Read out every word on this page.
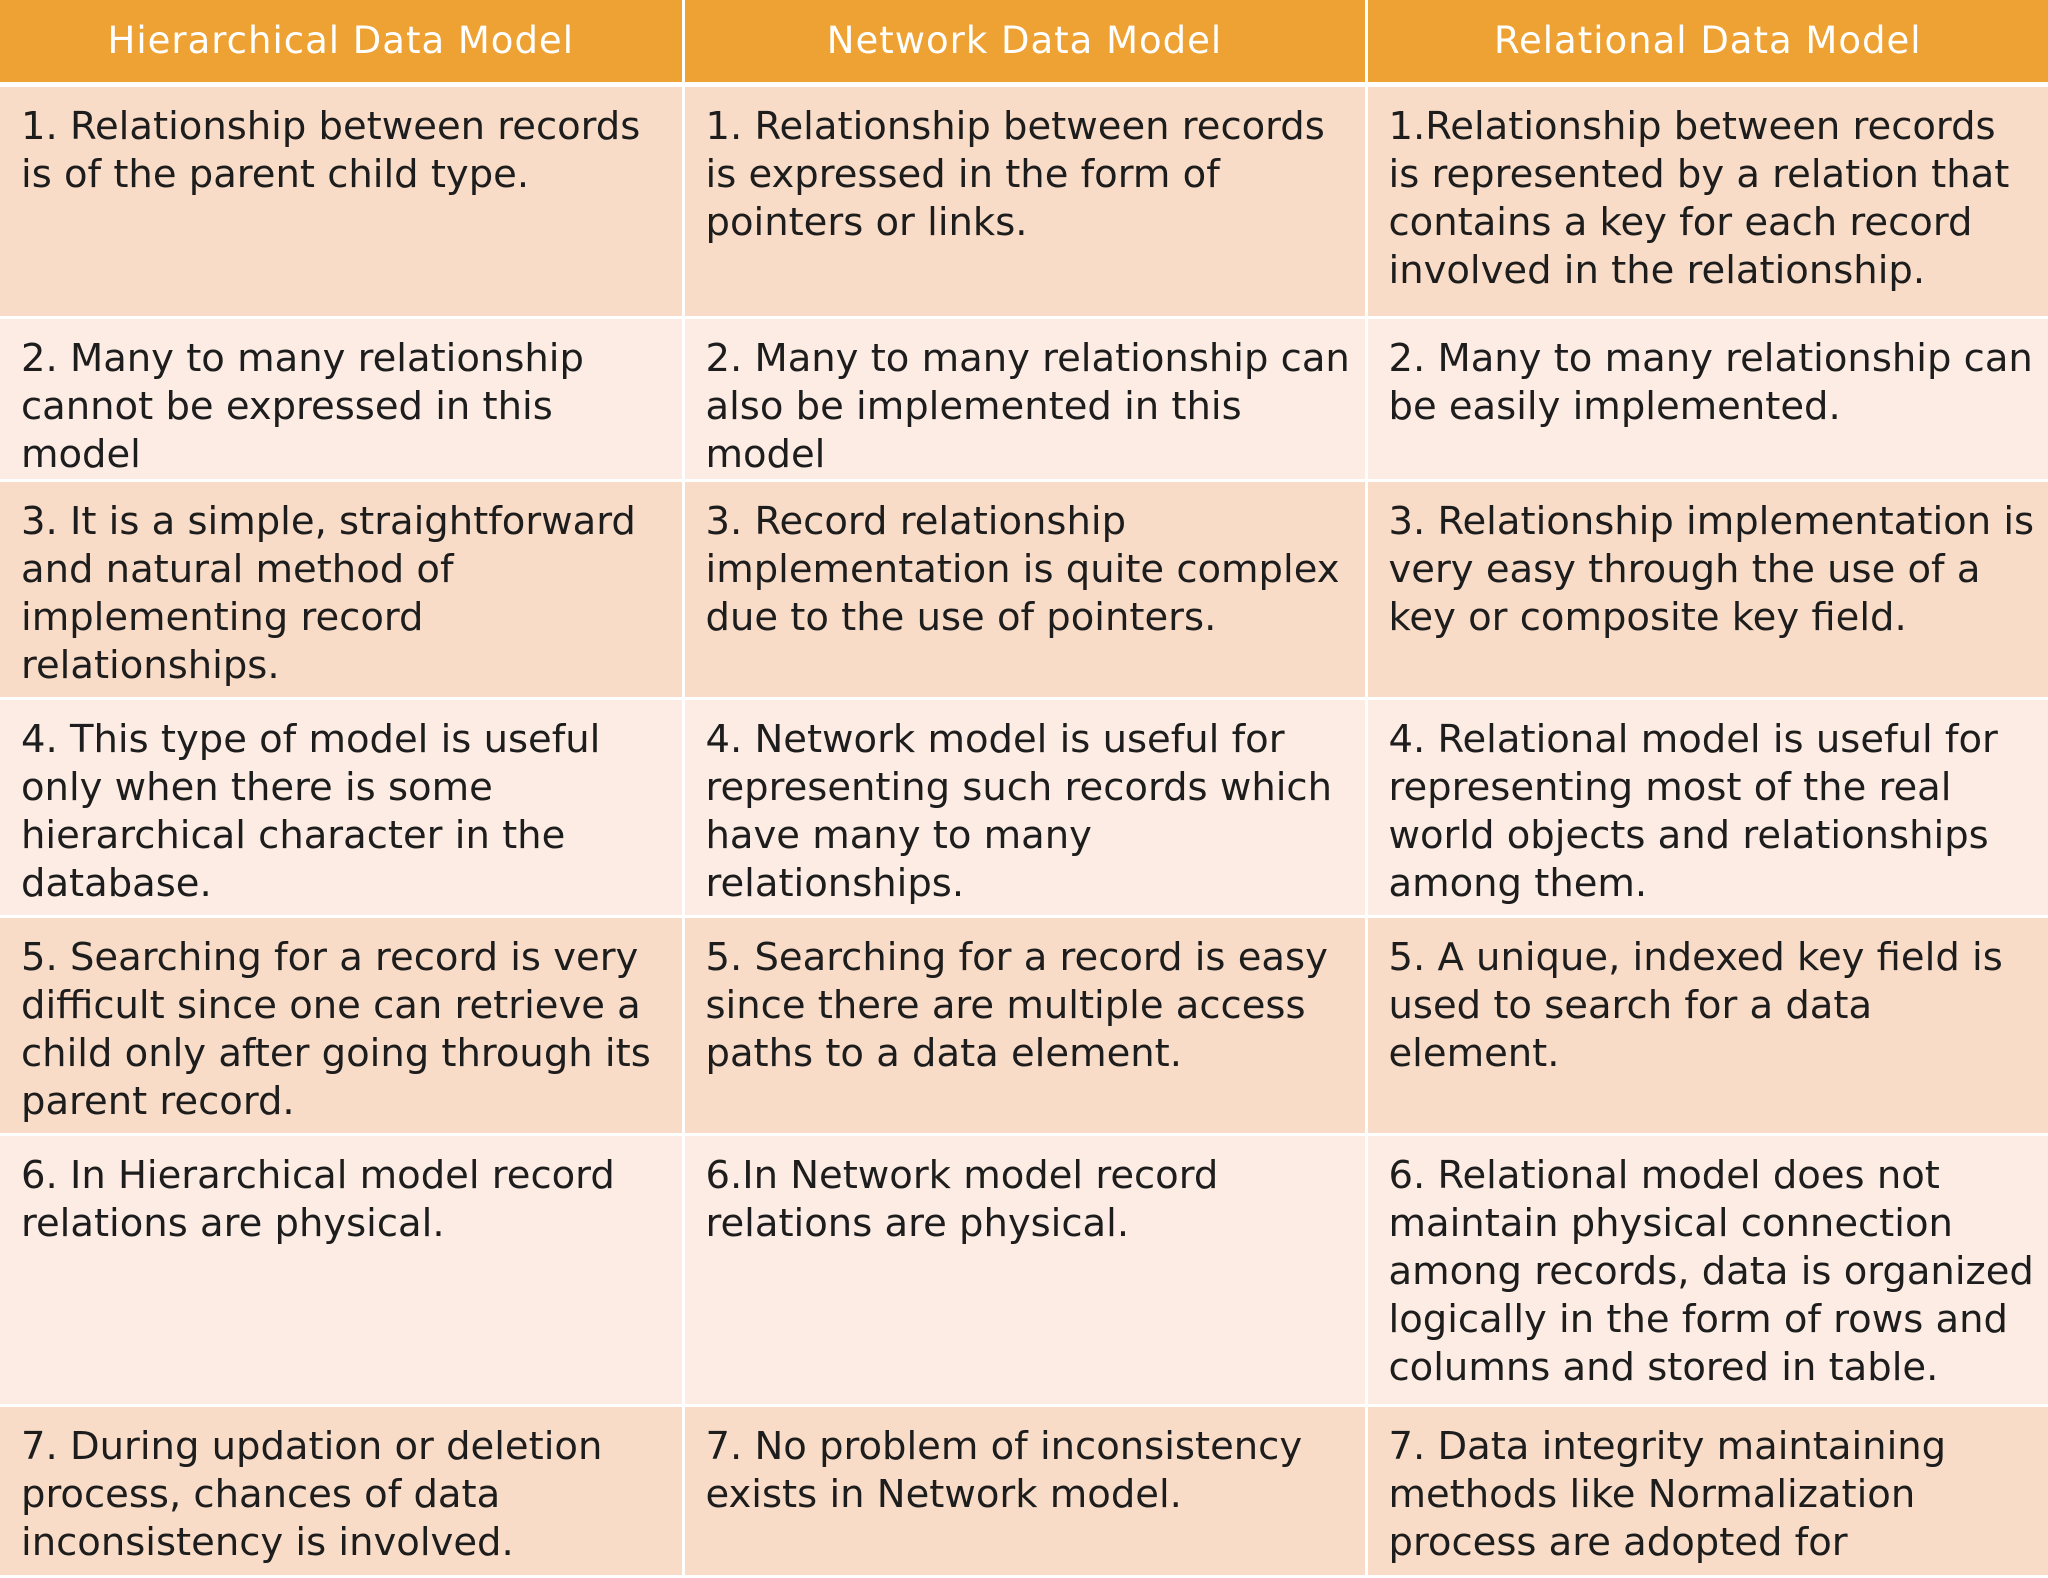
Hierarchical Data Model	Network Data Model	Relational Data Model
1. Relationship between records is of the parent child type.	1. Relationship between records is expressed in the form of pointers or links.	1.Relationship between records is represented by a relation that contains a key for each record involved in the relationship.
2. Many to many relationship cannot be expressed in this model	2. Many to many relationship can also be implemented in this model	2. Many to many relationship can be easily implemented.
3. It is a simple, straightforward and natural method of implementing record relationships.	3. Record relationship implementation is quite complex due to the use of pointers.	3. Relationship implementation is very easy through the use of a key or composite key field.
4. This type of model is useful only when there is some hierarchical character in the database.	4. Network model is useful for representing such records which have many to many relationships.	4. Relational model is useful for representing most of the real world objects and relationships among them.
5. Searching for a record is very difficult since one can retrieve a child only after going through its parent record.	5. Searching for a record is easy since there are multiple access paths to a data element.	5. A unique, indexed key field is used to search for a data element.
6. In Hierarchical model record relations are physical.	6.In Network model record relations are physical.	6. Relational model does not maintain physical connection among records, data is organized logically in the form of rows and columns and stored in table.
7. During updation or deletion process, chances of data inconsistency is involved.	7. No problem of inconsistency exists in Network model.	7. Data integrity maintaining methods like Normalization process are adopted for
